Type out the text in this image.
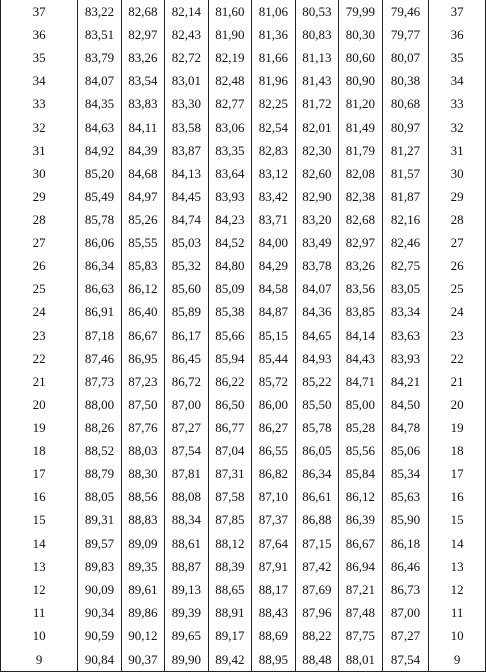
37	83,22	82,68	82,14	81,60	81,06	80,53	79,99	79,46	37
36	83,51	82,97	82,43	81,90	81,36	80,83	80,30	79,77	36
35	83,79	83,26	82,72	82,19	81,66	81,13	80,60	80,07	35
34	84,07	83,54	83,01	82,48	81,96	81,43	80,90	80,38	34
33	84,35	83,83	83,30	82,77	82,25	81,72	81,20	80,68	33
32	84,63	84,11	83,58	83,06	82,54	82,01	81,49	80,97	32
31	84,92	84,39	83,87	83,35	82,83	82,30	81,79	81,27	31
30	85,20	84,68	84,13	83,64	83,12	82,60	82,08	81,57	30
29	85,49	84,97	84,45	83,93	83,42	82,90	82,38	81,87	29
28	85,78	85,26	84,74	84,23	83,71	83,20	82,68	82,16	28
27	86,06	85,55	85,03	84,52	84,00	83,49	82,97	82,46	27
26	86,34	85,83	85,32	84,80	84,29	83,78	83,26	82,75	26
25	86,63	86,12	85,60	85,09	84,58	84,07	83,56	83,05	25
24	86,91	86,40	85,89	85,38	84,87	84,36	83,85	83,34	24
23	87,18	86,67	86,17	85,66	85,15	84,65	84,14	83,63	23
22	87,46	86,95	86,45	85,94	85,44	84,93	84,43	83,93	22
21	87,73	87,23	86,72	86,22	85,72	85,22	84,71	84,21	21
20	88,00	87,50	87,00	86,50	86,00	85,50	85,00	84,50	20
19	88,26	87,76	87,27	86,77	86,27	85,78	85,28	84,78	19
18	88,52	88,03	87,54	87,04	86,55	86,05	85,56	85,06	18
17	88,79	88,30	87,81	87,31	86,82	86,34	85,84	85,34	17
16	88,05	88,56	88,08	87,58	87,10	86,61	86,12	85,63	16
15	89,31	88,83	88,34	87,85	87,37	86,88	86,39	85,90	15
14	89,57	89,09	88,61	88,12	87,64	87,15	86,67	86,18	14
13	89,83	89,35	88,87	88,39	87,91	87,42	86,94	86,46	13
12	90,09	89,61	89,13	88,65	88,17	87,69	87,21	86,73	12
11	90,34	89,86	89,39	88,91	88,43	87,96	87,48	87,00	11
10	90,59	90,12	89,65	89,17	88,69	88,22	87,75	87,27	10
9	90,84	90,37	89,90	89,42	88,95	88,48	88,01	87,54	9
